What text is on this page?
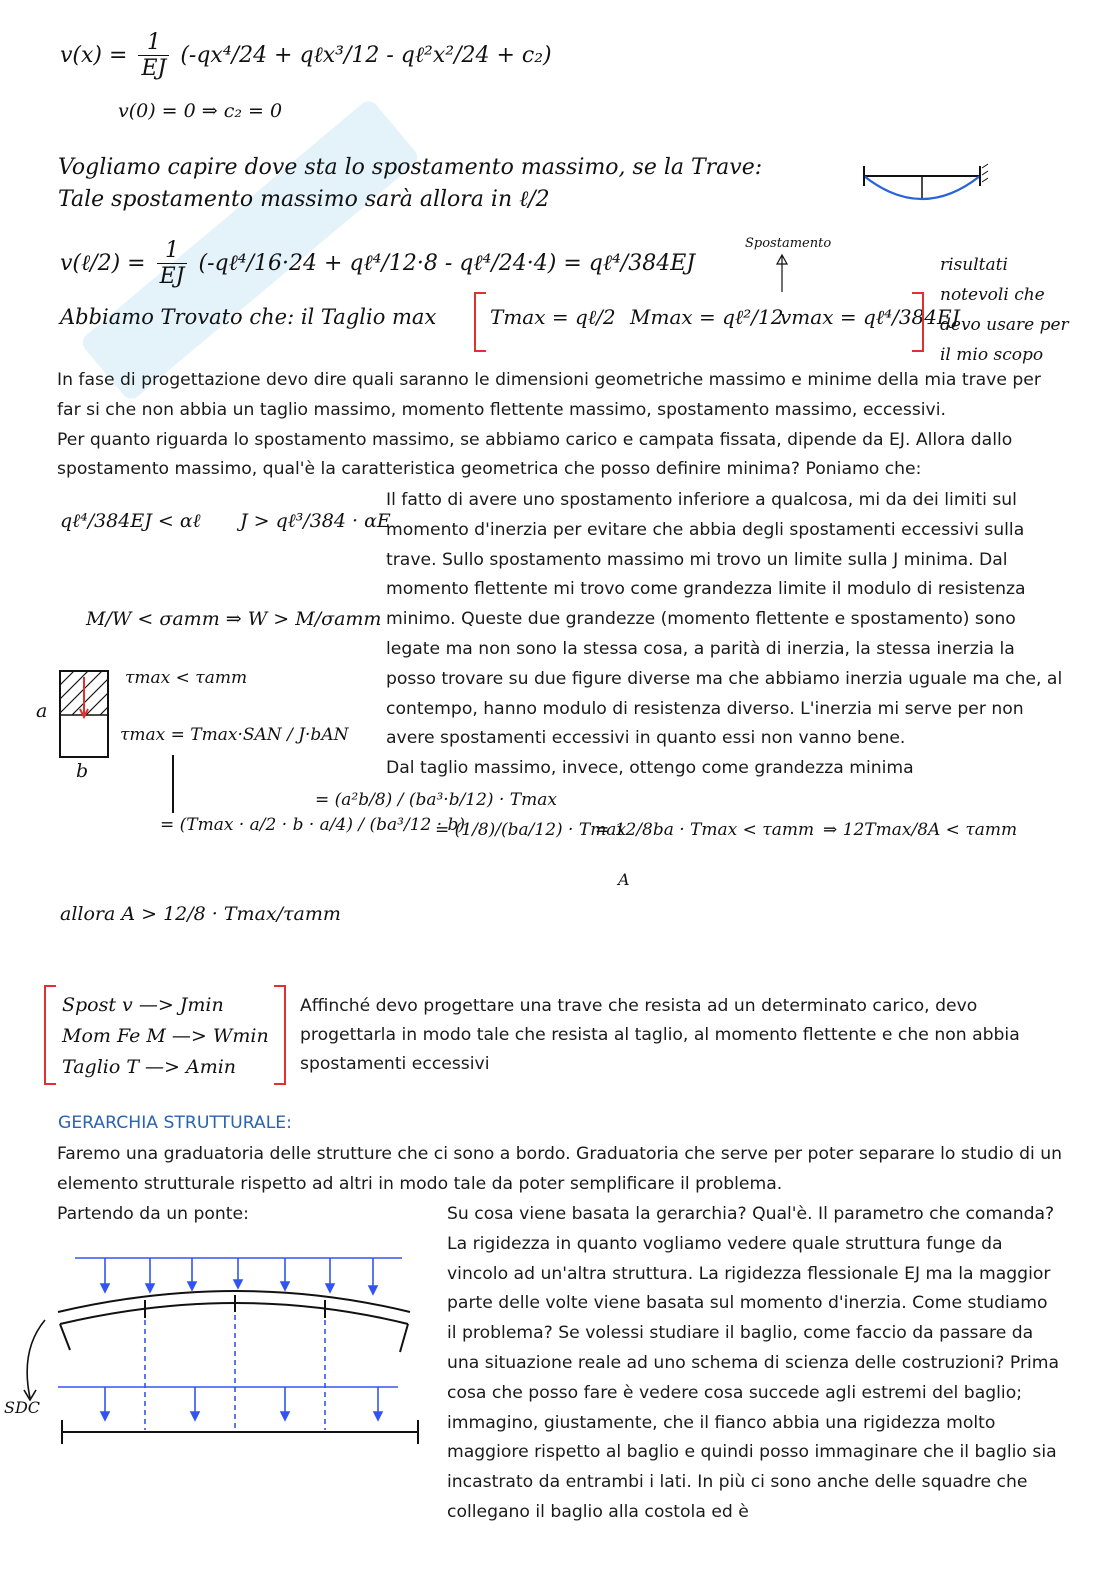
$v(x) = \frac{1}{EJ} (-qx^4/24$ + qℓx³/12 - qℓ²x²/24 + c₂)
v(0) = 0 ⇒ c₂ = 0
Vogliamo capire dove sta lo spostamento massimo, se la Trave:
Tale spostamento massimo sarà allora in ℓ/2
v(ℓ/2) = $\frac{1}{EJ}$ (-qℓ⁴/16·24 + qℓ⁴/12·8 - qℓ⁴/24·4) = qℓ⁴/384EJ
Spostamento
Abbiamo Trovato che: il Taglio max	Tmax = qℓ/2 Mmax = qℓ²/12
vmax = qℓ⁴/384EJ
risultati
notevoli che
devo usare per
il mio scopo

In fase di progettazione devo dire quali saranno le dimensioni geometriche massimo e minime della mia trave per far si che non abbia un taglio massimo, momento flettente massimo, spostamento massimo, eccessivi.

Per quanto riguarda lo spostamento massimo, se abbiamo carico e campata fissata, dipende da EJ. Allora dallo spostamento massimo, qual'è la caratteristica geometrica che posso definire minima? Poniamo che:

qℓ⁴/384EJ < αℓ J > qℓ³/384 · αE
M/W < σamm ⇒ W > M/σamm
a
b
τmax < τamm
τmax = Tmax·SAN / J·bAN

Il fatto di avere uno spostamento inferiore a qualcosa, mi da dei limiti sul momento d'inerzia per evitare che abbia degli spostamenti eccessivi sulla trave. Sullo spostamento massimo mi trovo un limite sulla J minima. Dal momento flettente mi trovo come grandezza limite il modulo di resistenza minimo. Queste due grandezze (momento flettente e spostamento) sono legate ma non sono la stessa cosa, a parità di inerzia, la stessa inerzia la posso trovare su due figure diverse ma che abbiamo inerzia uguale ma che, al contempo, hanno modulo di resistenza diverso. L'inerzia mi serve per non avere spostamenti eccessivi in quanto essi non vanno bene.

Dal taglio massimo, invece, ottengo come grandezza minima

= (Tmax · a/2 · b · a/4) / (ba³/12 · b)
= (a²b/8) / (ba³·b/12) · Tmax
= (1/8)/(ba/12) · Tmax
= 12/8ba · Tmax < τamm ⇒ 12Tmax/8A < τamm
A
allora A > 12/8 · Tmax/τamm
Spost v —> Jmin
Mom Fe M —> Wmin
Taglio T —> Amin
Affinché devo progettare una trave che resista ad un determinato carico, devo progettarla in modo tale che resista al taglio, al momento flettente e che non abbia spostamenti eccessivi
GERARCHIA STRUTTURALE:
Faremo una graduatoria delle strutture che ci sono a bordo. Graduatoria che serve per poter separare lo studio di un elemento strutturale rispetto ad altri in modo tale da poter semplificare il problema.
Partendo da un ponte:
SDC
Su cosa viene basata la gerarchia? Qual'è. Il parametro che comanda? La rigidezza in quanto vogliamo vedere quale struttura funge da vincolo ad un'altra struttura. La rigidezza flessionale EJ ma la maggior parte delle volte viene basata sul momento d'inerzia. Come studiamo il problema? Se volessi studiare il baglio, come faccio da passare da una situazione reale ad uno schema di scienza delle costruzioni? Prima cosa che posso fare è vedere cosa succede agli estremi del baglio; immagino, giustamente, che il fianco abbia una rigidezza molto maggiore rispetto al baglio e quindi posso immaginare che il baglio sia incastrato da entrambi i lati. In più ci sono anche delle squadre che collegano il baglio alla costola ed è
